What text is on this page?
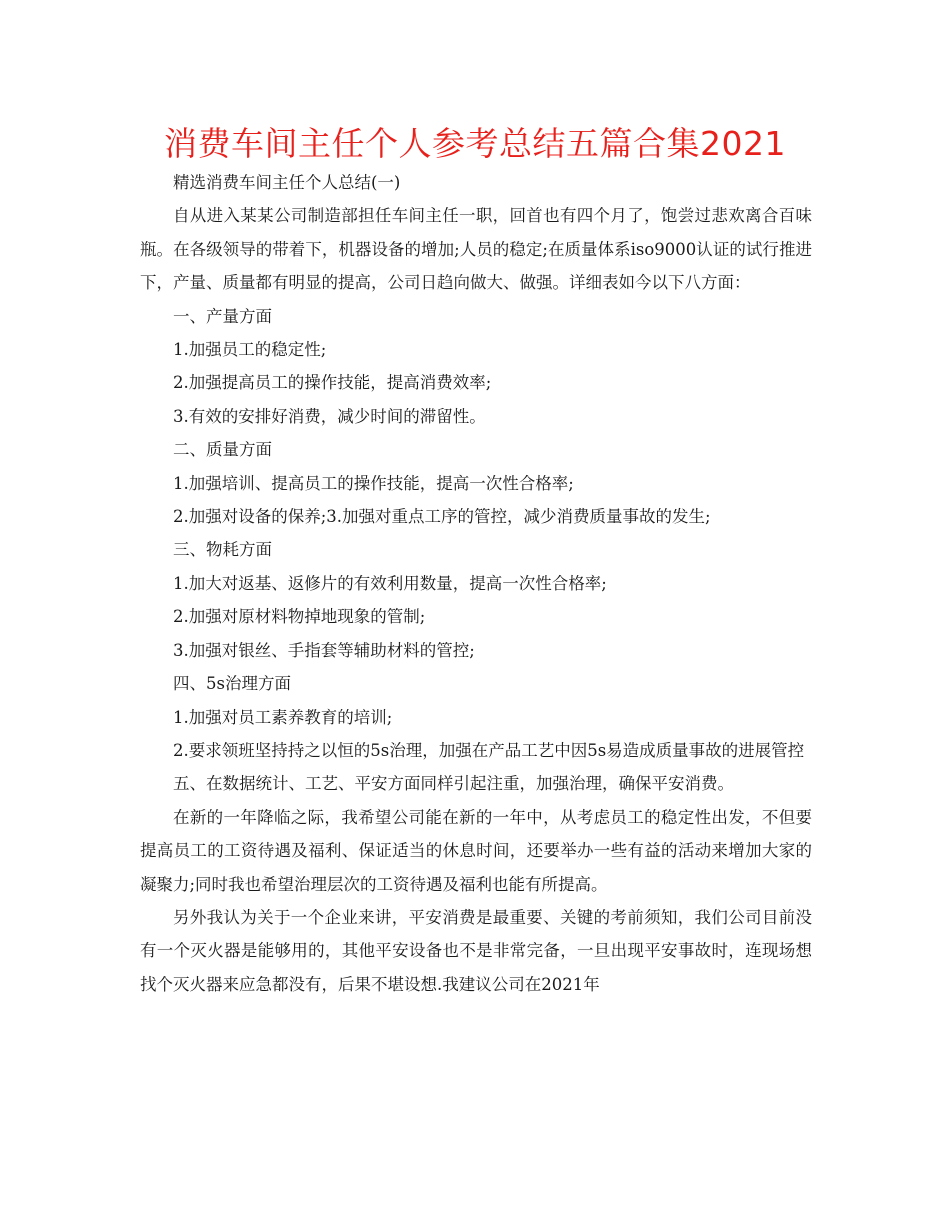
消费车间主任个人参考总结五篇合集2021

精选消费车间主任个人总结(一)

自从进入某某公司制造部担任车间主任一职，回首也有四个月了，饱尝过悲欢离合百味瓶。在各级领导的带着下，机器设备的增加;人员的稳定;在质量体系iso9000认证的试行推进下，产量、质量都有明显的提高，公司日趋向做大、做强。详细表如今以下八方面：

一、产量方面

1.加强员工的稳定性;

2.加强提高员工的操作技能，提高消费效率;

3.有效的安排好消费，减少时间的滞留性。

二、质量方面

1.加强培训、提高员工的操作技能，提高一次性合格率;

2.加强对设备的保养;3.加强对重点工序的管控，减少消费质量事故的发生;

三、物耗方面

1.加大对返基、返修片的有效利用数量，提高一次性合格率;

2.加强对原材料物掉地现象的管制;

3.加强对银丝、手指套等辅助材料的管控;

四、5s治理方面

1.加强对员工素养教育的培训;

2.要求领班坚持持之以恒的5s治理，加强在产品工艺中因5s易造成质量事故的进展管控

五、在数据统计、工艺、平安方面同样引起注重，加强治理，确保平安消费。

在新的一年降临之际，我希望公司能在新的一年中，从考虑员工的稳定性出发，不但要提高员工的工资待遇及福利、保证适当的休息时间，还要举办一些有益的活动来增加大家的凝聚力;同时我也希望治理层次的工资待遇及福利也能有所提高。

另外我认为关于一个企业来讲，平安消费是最重要、关键的考前须知，我们公司目前没有一个灭火器是能够用的，其他平安设备也不是非常完备，一旦出现平安事故时，连现场想找个灭火器来应急都没有，后果不堪设想.我建议公司在2021年
